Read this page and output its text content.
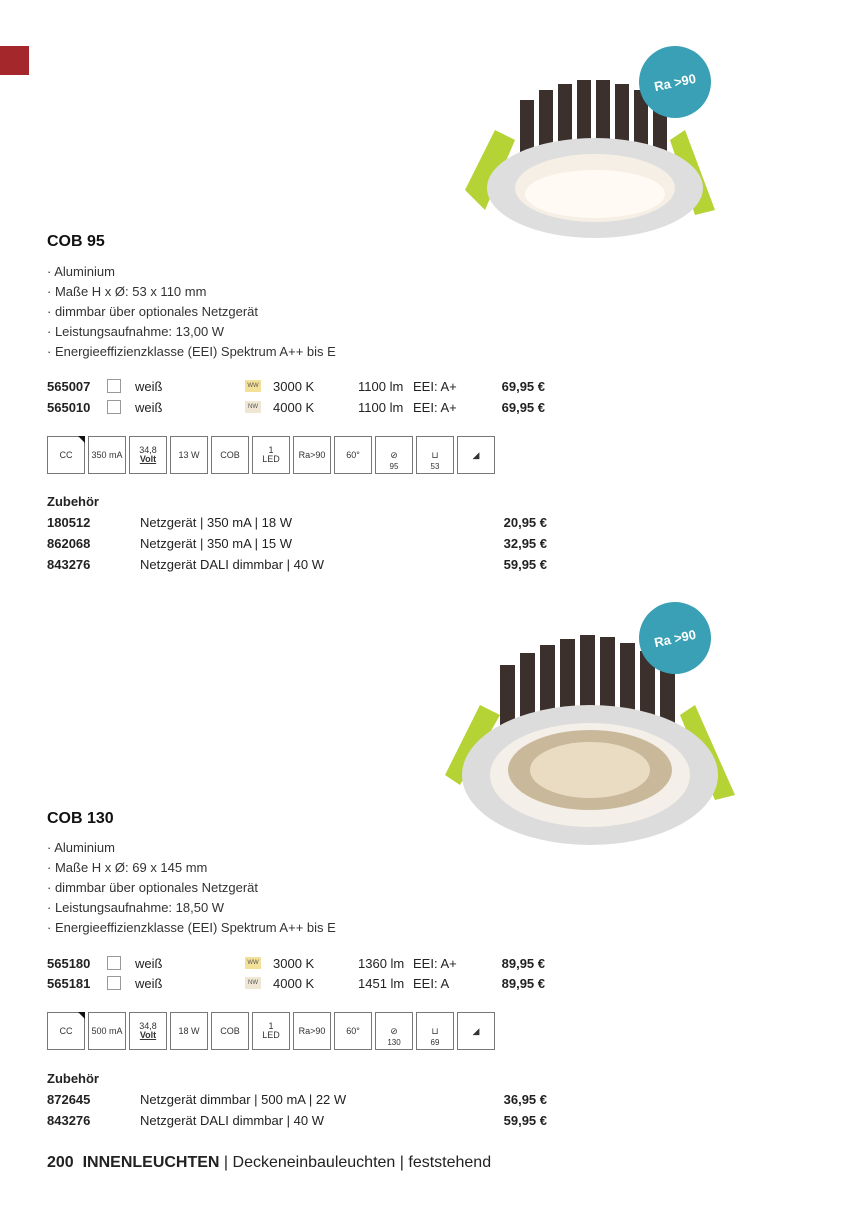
Ra >90
COB 95
· Aluminium
· Maße H x Ø: 53 x 110 mm
· dimmbar über optionales Netzgerät
· Leistungsaufnahme: 13,00 W
· Energieeffizienzklasse (EEI) Spektrum A++ bis E
565007	weiß	WW 3000 K	1100 lm EEI: A+	69,95 €
565010	weiß	NW 4000 K	1100 lm EEI: A+	69,95 €
CC 350 mA 34,8
Volt 13 W COB	1
LED Ra>90 60°	⊘
95
⊔
53
◢
Zubehör
180512	Netzgerät | 350 mA | 18 W	20,95 €
862068	Netzgerät | 350 mA | 15 W	32,95 €
843276	Netzgerät DALI dimmbar | 40 W	59,95 €
Ra >90
COB 130
· Aluminium
· Maße H x Ø: 69 x 145 mm
· dimmbar über optionales Netzgerät
· Leistungsaufnahme: 18,50 W
· Energieeffizienzklasse (EEI) Spektrum A++ bis E
565180	weiß	WW 3000 K	1360 lm EEI: A+	89,95 €
565181	weiß	NW 4000 K	1451 lm EEI: A	89,95 €
CC 500 mA 34,8
Volt 18 W COB	1
LED Ra>90 60°	⊘
130
⊔
69
◢
Zubehör
872645	Netzgerät dimmbar | 500 mA | 22 W	36,95 €
843276	Netzgerät DALI dimmbar | 40 W	59,95 €
200 INNENLEUCHTEN | Deckeneinbauleuchten | feststehend
